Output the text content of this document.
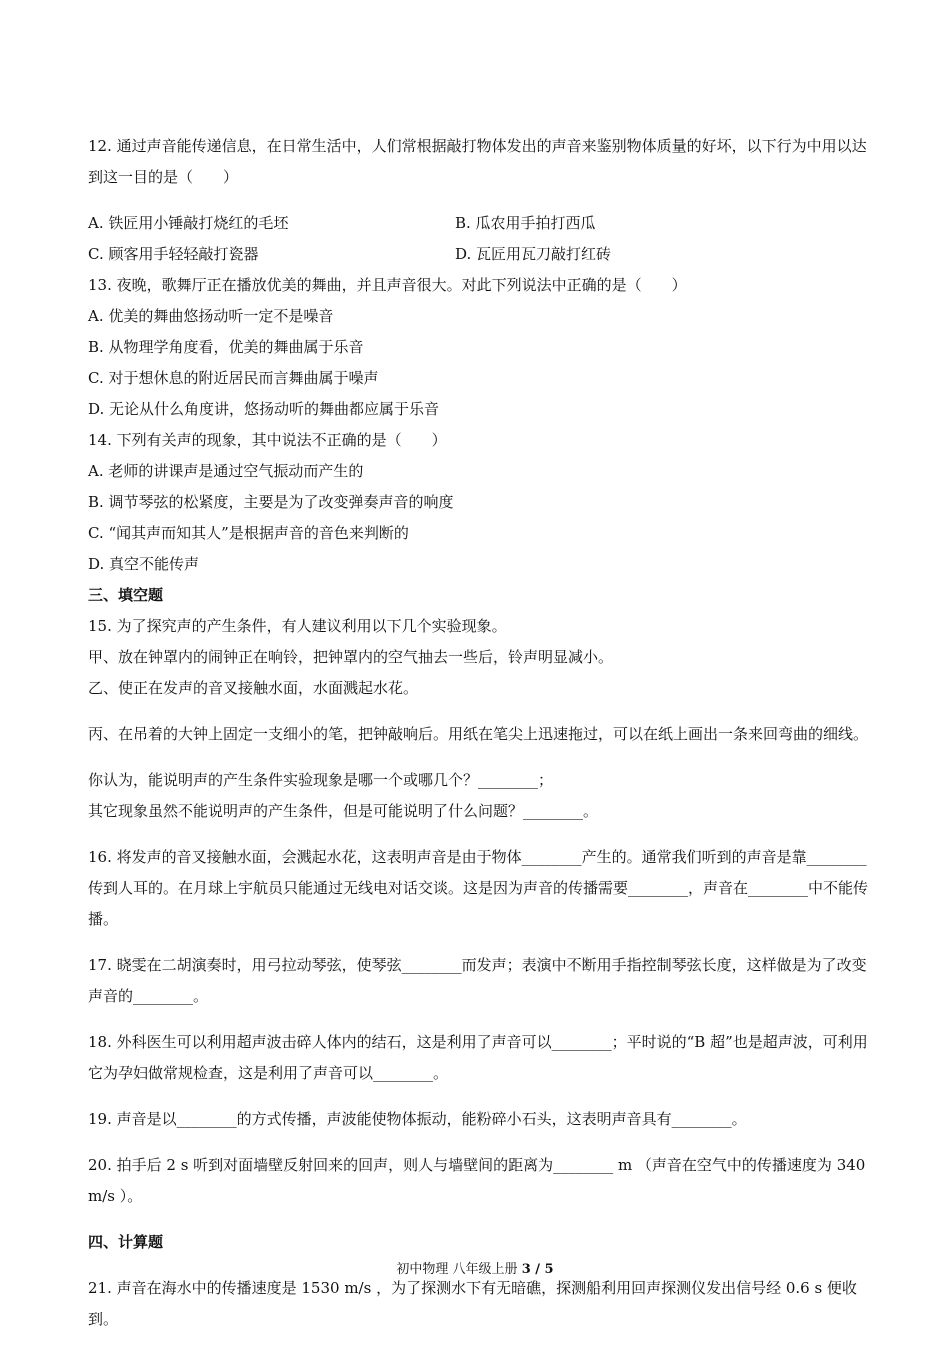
12. 通过声音能传递信息，在日常生活中，人们常根据敲打物体发出的声音来鉴别物体质量的好坏，以下行为中用以达到这一目的是（　　）

A. 铁匠用小锤敲打烧红的毛坯	B. 瓜农用手拍打西瓜
C. 顾客用手轻轻敲打瓷器	D. 瓦匠用瓦刀敲打红砖

13. 夜晚，歌舞厅正在播放优美的舞曲，并且声音很大。对此下列说法中正确的是（　　）

A. 优美的舞曲悠扬动听一定不是噪音

B. 从物理学角度看，优美的舞曲属于乐音

C. 对于想休息的附近居民而言舞曲属于噪声

D. 无论从什么角度讲，悠扬动听的舞曲都应属于乐音

14. 下列有关声的现象，其中说法不正确的是（　　）

A. 老师的讲课声是通过空气振动而产生的

B. 调节琴弦的松紧度，主要是为了改变弹奏声音的响度

C. “闻其声而知其人”是根据声音的音色来判断的

D. 真空不能传声

三、填空题

15. 为了探究声的产生条件，有人建议利用以下几个实验现象。

甲、放在钟罩内的闹钟正在响铃，把钟罩内的空气抽去一些后，铃声明显减小。

乙、使正在发声的音叉接触水面，水面溅起水花。

丙、在吊着的大钟上固定一支细小的笔，把钟敲响后。用纸在笔尖上迅速拖过，可以在纸上画出一条来回弯曲的细线。

你认为，能说明声的产生条件实验现象是哪一个或哪几个？________；

其它现象虽然不能说明声的产生条件，但是可能说明了什么问题？________。

16. 将发声的音叉接触水面，会溅起水花，这表明声音是由于物体________产生的。通常我们听到的声音是靠________传到人耳的。在月球上宇航员只能通过无线电对话交谈。这是因为声音的传播需要________，声音在________中不能传播。

17. 晓雯在二胡演奏时，用弓拉动琴弦，使琴弦________而发声；表演中不断用手指控制琴弦长度，这样做是为了改变声音的________。

18. 外科医生可以利用超声波击碎人体内的结石，这是利用了声音可以________；平时说的“B 超”也是超声波，可利用它为孕妇做常规检查，这是利用了声音可以________。

19. 声音是以________的方式传播，声波能使物体振动，能粉碎小石头，这表明声音具有________。

20. 拍手后 2 s 听到对面墙壁反射回来的回声，则人与墙壁间的距离为________ m （声音在空气中的传播速度为 340 m/s ）。

四、计算题

21. 声音在海水中的传播速度是 1530 m/s ，为了探测水下有无暗礁，探测船利用回声探测仪发出信号经 0.6 s 便收到。

初中物理 八年级上册 3 / 5
